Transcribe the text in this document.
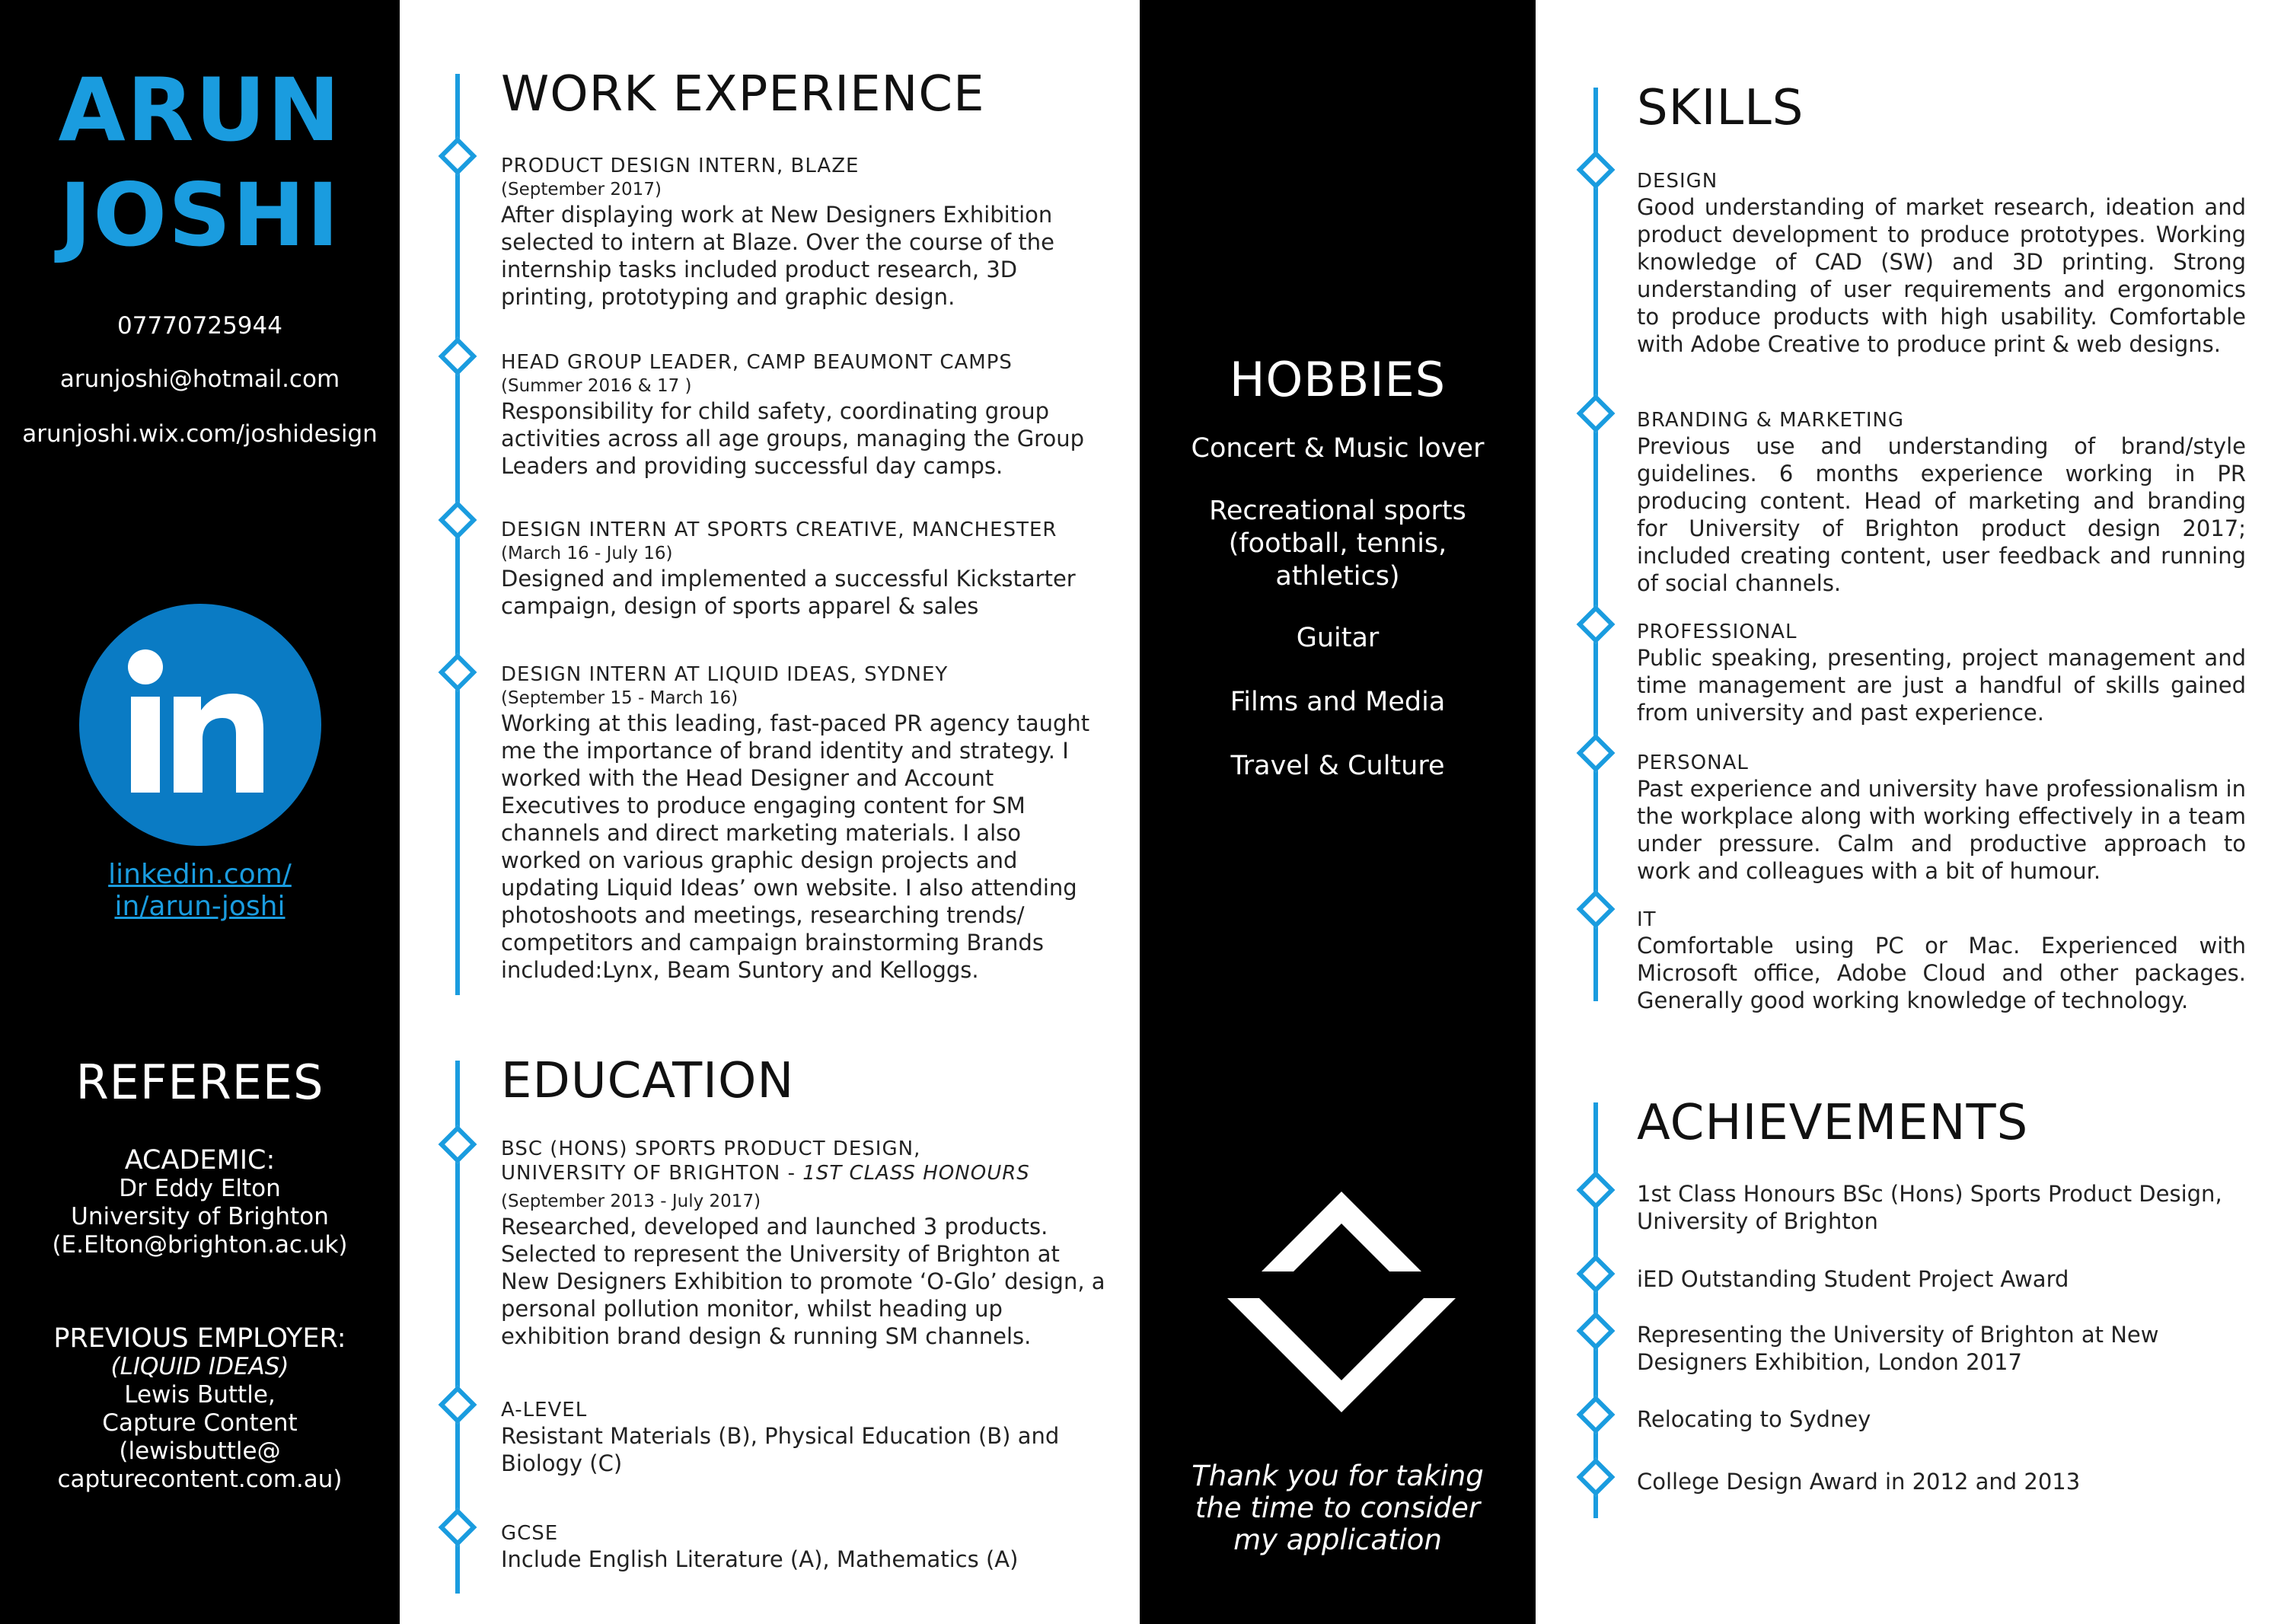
ARUN
JOSHI
07770725944
arunjoshi@hotmail.com
arunjoshi.wix.com/joshidesign
linkedin.com/
in/arun-joshi
REFEREES
ACADEMIC:
Dr Eddy Elton
University of Brighton
(E.Elton@brighton.ac.uk)
PREVIOUS EMPLOYER:
(LIQUID IDEAS)
Lewis Buttle,
Capture Content
(lewisbuttle@
capturecontent.com.au)
WORK EXPERIENCE
PRODUCT DESIGN INTERN, BLAZE
(September 2017)
After displaying work at New Designers Exhibition selected to intern at Blaze. Over the course of the internship tasks included product research, 3D printing, prototyping and graphic design.
HEAD GROUP LEADER, CAMP BEAUMONT CAMPS
(Summer 2016 & 17 )
Responsibility for child safety, coordinating group activities across all age groups, managing the Group Leaders and providing successful day camps.
DESIGN INTERN AT SPORTS CREATIVE, MANCHESTER
(March 16 - July 16)
Designed and implemented a successful Kickstarter campaign, design of sports apparel & sales
DESIGN INTERN AT LIQUID IDEAS, SYDNEY
(September 15 - March 16)
Working at this leading, fast-paced PR agency taught me the importance of brand identity and strategy. I worked with the Head Designer and Account Executives to produce engaging content for SM channels and direct marketing materials. I also worked on various graphic design projects and updating Liquid Ideas’ own website. I also attending photoshoots and meetings, researching trends/ competitors and campaign brainstorming Brands included:Lynx, Beam Suntory and Kelloggs.
EDUCATION
BSC (HONS) SPORTS PRODUCT DESIGN,
UNIVERSITY OF BRIGHTON - 1ST CLASS HONOURS
(September 2013 - July 2017)
Researched, developed and launched 3 products. Selected to represent the University of Brighton at New Designers Exhibition to promote ‘O-Glo’ design, a personal pollution monitor, whilst heading up exhibition brand design & running SM channels.
A-LEVEL
Resistant Materials (B), Physical Education (B) and Biology (C)
GCSE
Include English Literature (A), Mathematics (A)
HOBBIES
Concert & Music lover
Recreational sports
(football, tennis,
athletics)
Guitar
Films and Media
Travel & Culture
Thank you for taking
the time to consider
my application
SKILLS
DESIGN
Good understanding of market research, ideation and product development to produce prototypes. Working knowledge of CAD (SW) and 3D printing. Strong understanding of user requirements and ergonomics to produce products with high usability. Comfortable with Adobe Creative to produce print & web designs.
BRANDING & MARKETING
Previous use and understanding of brand/style guidelines. 6 months experience working in PR producing content. Head of marketing and branding for University of Brighton product design 2017; included creating content, user feedback and running of social channels.
PROFESSIONAL
Public speaking, presenting, project management and time management are just a handful of skills gained from university and past experience.
PERSONAL
Past experience and university have professionalism in the workplace along with working effectively in a team under pressure. Calm and productive approach to work and colleagues with a bit of humour.
IT
Comfortable using PC or Mac. Experienced with Microsoft office, Adobe Cloud and other packages. Generally good working knowledge of technology.
ACHIEVEMENTS
1st Class Honours BSc (Hons) Sports Product Design, University of Brighton
iED Outstanding Student Project Award
Representing the University of Brighton at New Designers Exhibition, London 2017
Relocating to Sydney
College Design Award in 2012 and 2013
